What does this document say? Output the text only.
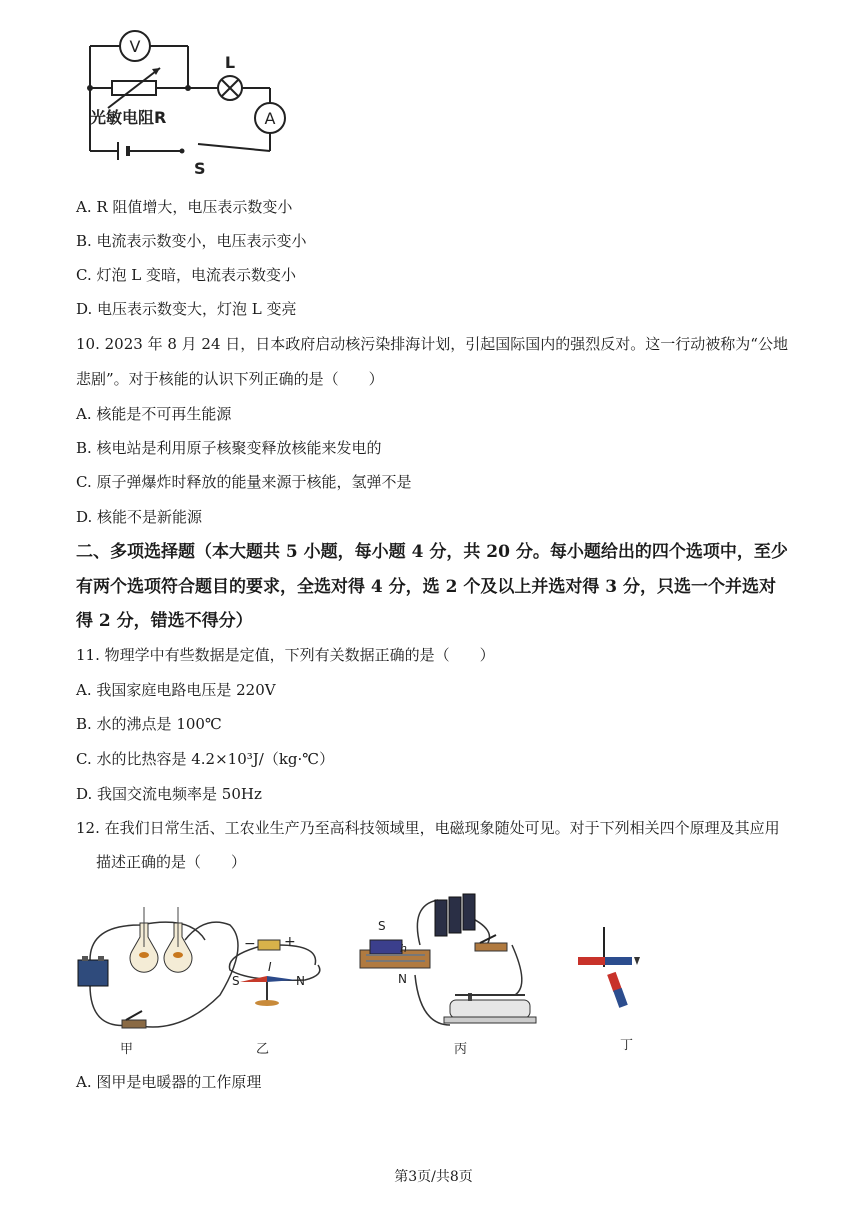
V
L
A
光敏电阻R
S
A. R 阻值增大，电压表示数变小
B. 电流表示数变小，电压表示变小
C. 灯泡 L 变暗，电流表示数变小
D. 电压表示数变大，灯泡 L 变亮
10. 2023 年 8 月 24 日，日本政府启动核污染排海计划，引起国际国内的强烈反对。这一行动被称为“公地
悲剧”。对于核能的认识下列正确的是（　　）
A. 核能是不可再生能源
B. 核电站是利用原子核聚变释放核能来发电的
C. 原子弹爆炸时释放的能量来源于核能，氢弹不是
D. 核能不是新能源
二、多项选择题（本大题共 5 小题，每小题 4 分，共 20 分。每小题给出的四个选项中，至少
有两个选项符合题目的要求，全选对得 4 分，选 2 个及以上并选对得 3 分，只选一个并选对
得 2 分，错选不得分）
11. 物理学中有些数据是定值，下列有关数据正确的是（　　）
A. 我国家庭电路电压是 220V
B. 水的沸点是 100℃
C. 水的比热容是 4.2×10³J/（kg·℃）
D. 我国交流电频率是 50Hz
12. 在我们日常生活、工农业生产乃至高科技领域里，电磁现象随处可见。对于下列相关四个原理及其应用
描述正确的是（　　）
甲
− +
I
S	N
乙
S
h
N
丙	丁
A. 图甲是电暖器的工作原理
第3页/共8页
